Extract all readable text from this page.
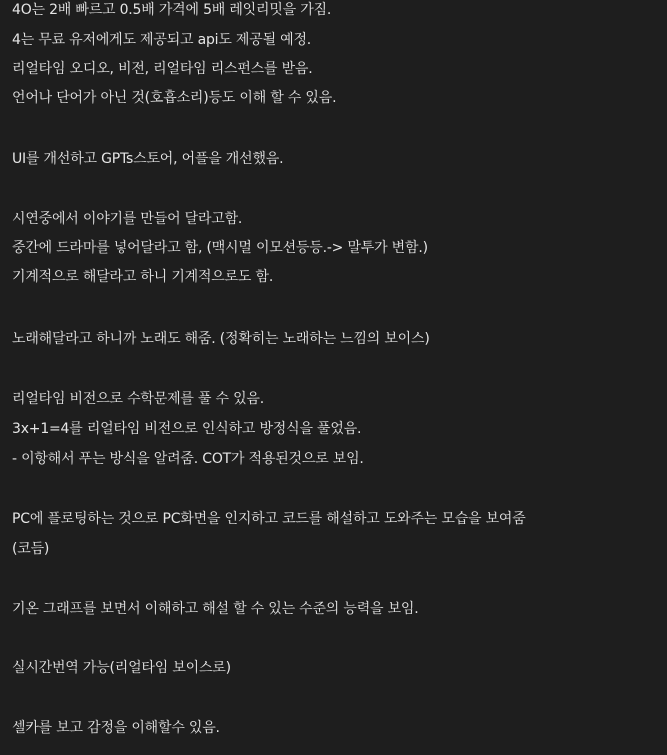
4O는 2배 빠르고 0.5배 가격에 5배 레잇리밋을 가짐.
4는 무료 유저에게도 제공되고 api도 제공될 예정.
리얼타임 오디오, 비전, 리얼타임 리스펀스를 받음.
언어나 단어가 아닌 것(호흡소리)등도 이해 할 수 있음.
UI를 개선하고 GPTs스토어, 어플을 개선했음.
시연중에서 이야기를 만들어 달라고함.
중간에 드라마를 넣어달라고 함, (맥시멀 이모션등등.-> 말투가 변함.)
기계적으로 해달라고 하니 기계적으로도 함.
노래해달라고 하니까 노래도 해줌. (정확히는 노래하는 느낌의 보이스)
리얼타임 비전으로 수학문제를 풀 수 있음.
3x+1=4를 리얼타임 비전으로 인식하고 방정식을 풀었음.
- 이항해서 푸는 방식을 알려줌. COT가 적용된것으로 보임.
PC에 플로팅하는 것으로 PC화면을 인지하고 코드를 해설하고 도와주는 모습을 보여줌
(코듬)
기온 그래프를 보면서 이해하고 해설 할 수 있는 수준의 능력을 보임.
실시간번역 가능(리얼타임 보이스로)
셀카를 보고 감정을 이해할수 있음.
